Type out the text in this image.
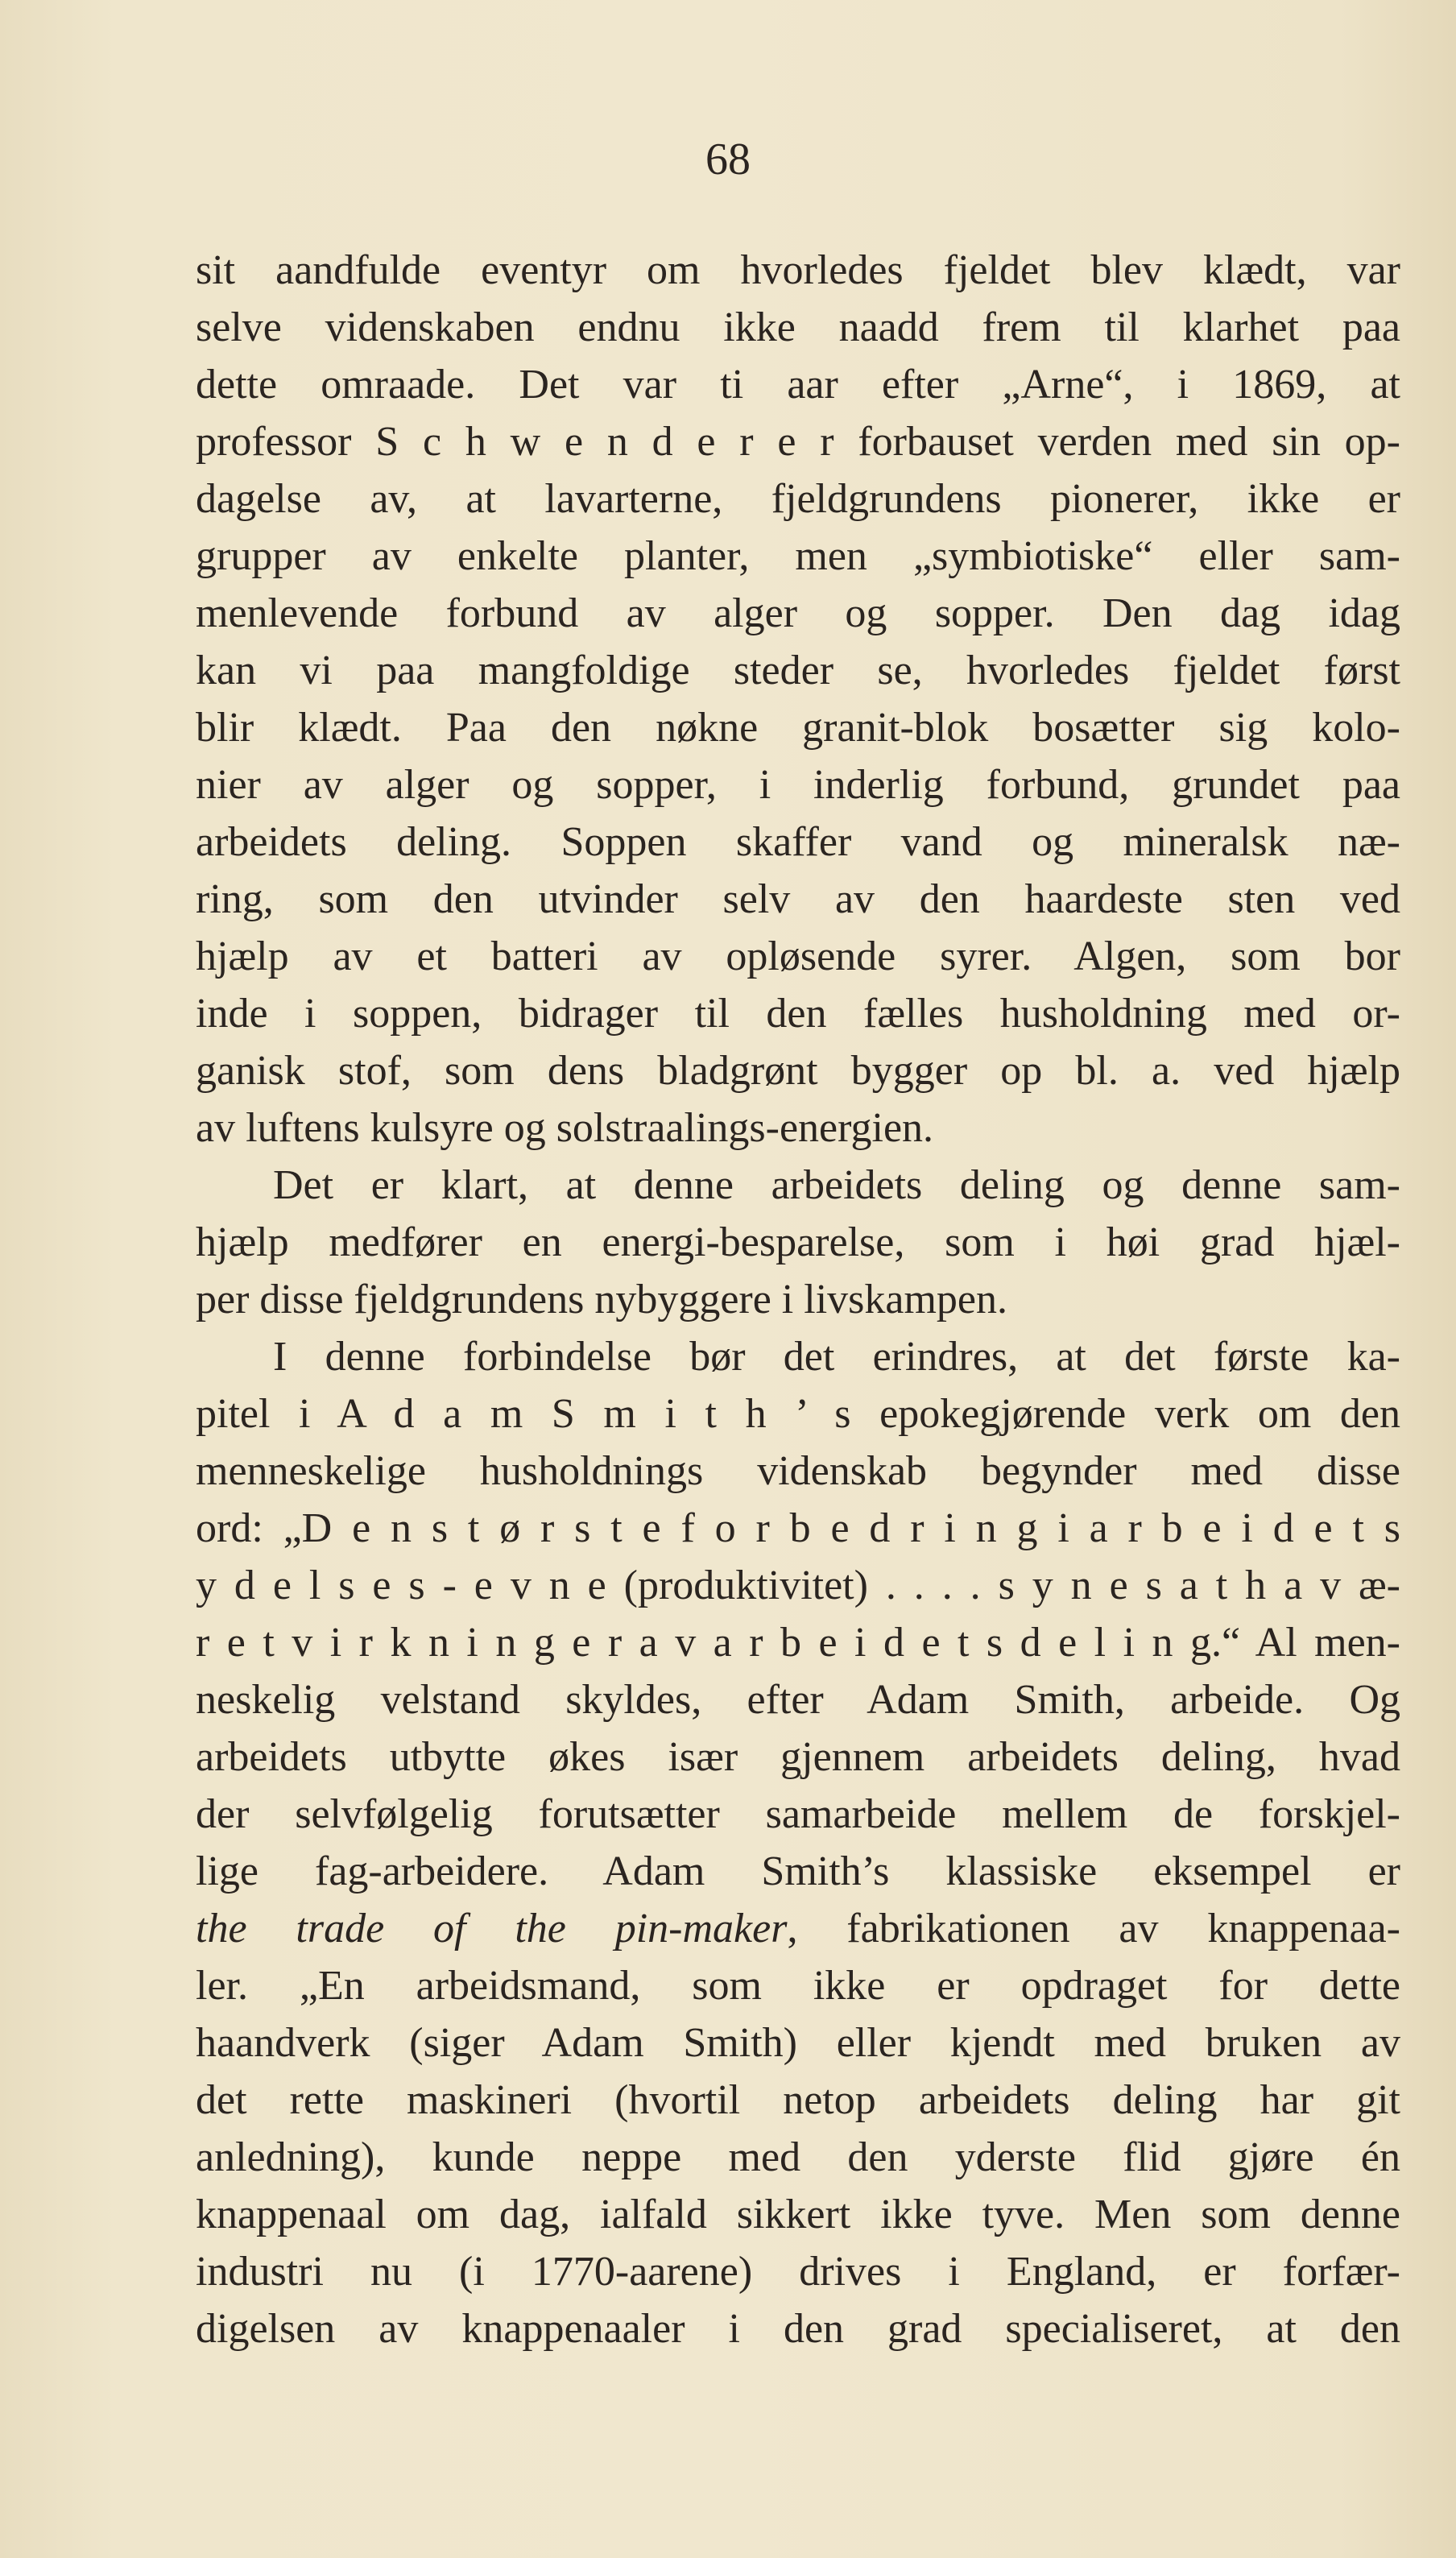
68
sit aandfulde eventyr om hvorledes fjeldet blev klædt, var
selve videnskaben endnu ikke naadd frem til klarhet paa
dette omraade. Det var ti aar efter „Arne“, i 1869, at
professor S c h w e n d e r e r forbauset verden med sin op-
dagelse av, at lavarterne, fjeldgrundens pionerer, ikke er
grupper av enkelte planter, men „symbiotiske“ eller sam-
menlevende forbund av alger og sopper. Den dag idag
kan vi paa mangfoldige steder se, hvorledes fjeldet først
blir klædt. Paa den nøkne granit-blok bosætter sig kolo-
nier av alger og sopper, i inderlig forbund, grundet paa
arbeidets deling. Soppen skaffer vand og mineralsk næ-
ring, som den utvinder selv av den haardeste sten ved
hjælp av et batteri av opløsende syrer. Algen, som bor
inde i soppen, bidrager til den fælles husholdning med or-
ganisk stof, som dens bladgrønt bygger op bl. a. ved hjælp
av luftens kulsyre og solstraalings-energien.
Det er klart, at denne arbeidets deling og denne sam-
hjælp medfører en energi-besparelse, som i høi grad hjæl-
per disse fjeldgrundens nybyggere i livskampen.
I denne forbindelse bør det erindres, at det første ka-
pitel i A d a m S m i t h ’ s epokegjørende verk om den
menneskelige husholdnings videnskab begynder med disse
ord: „D e n s t ø r s t e f o r b e d r i n g i a r b e i d e t s
y d e l s e s - e v n e (produktivitet) . . . . s y n e s a t h a v æ-
r e t v i r k n i n g e r a v a r b e i d e t s d e l i n g.“ Al men-
neskelig velstand skyldes, efter Adam Smith, arbeide. Og
arbeidets utbytte økes især gjennem arbeidets deling, hvad
der selvfølgelig forutsætter samarbeide mellem de forskjel-
lige fag-arbeidere. Adam Smith’s klassiske eksempel er
the trade of the pin-maker, fabrikationen av knappenaa-
ler. „En arbeidsmand, som ikke er opdraget for dette
haandverk (siger Adam Smith) eller kjendt med bruken av
det rette maskineri (hvortil netop arbeidets deling har git
anledning), kunde neppe med den yderste flid gjøre én
knappenaal om dag, ialfald sikkert ikke tyve. Men som denne
industri nu (i 1770-aarene) drives i England, er forfær-
digelsen av knappenaaler i den grad specialiseret, at den
